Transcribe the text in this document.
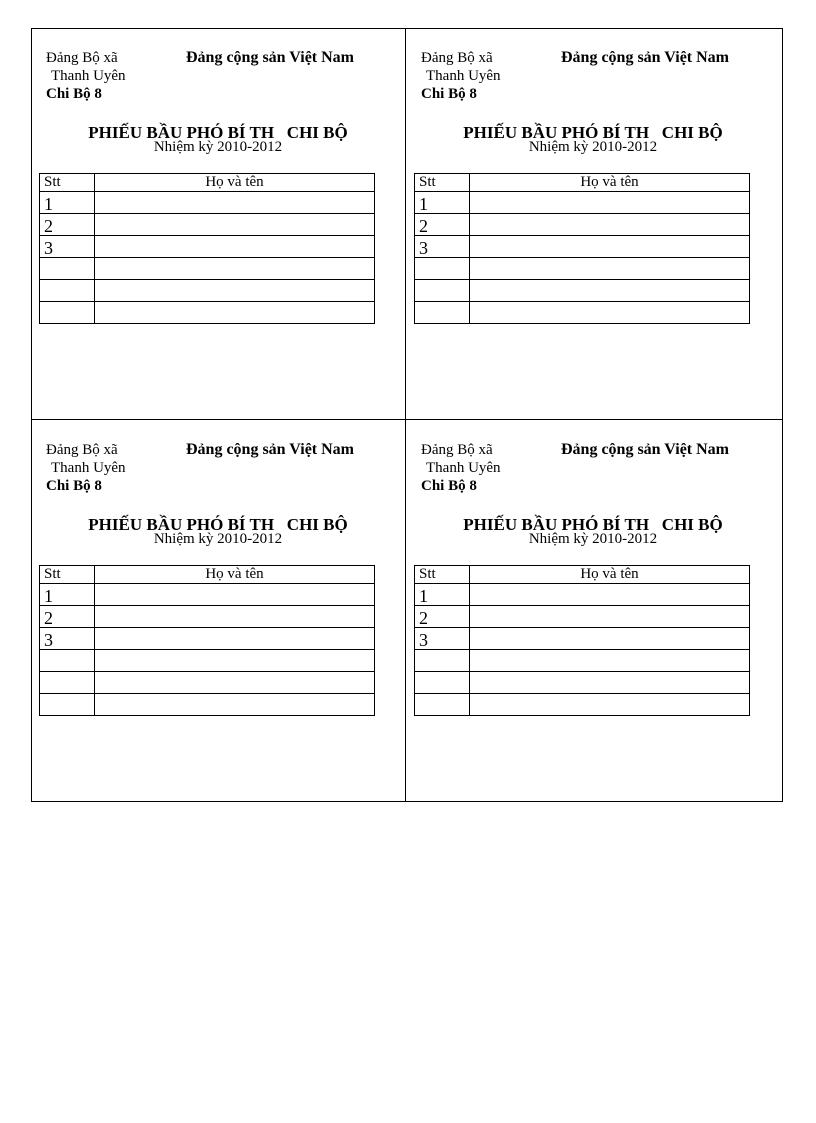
Đảng Bộ xã
Thanh Uyên
Chi Bộ 8
Đảng cộng sản Việt Nam
PHIẾU BẦU PHÓ BÍ TH   CHI BỘ
Nhiệm kỳ 2010-2012
Stt	Họ và tên
1	
2	
3	

Đảng Bộ xã
Thanh Uyên
Chi Bộ 8
Đảng cộng sản Việt Nam
PHIẾU BẦU PHÓ BÍ TH   CHI BỘ
Nhiệm kỳ 2010-2012
Stt	Họ và tên
1	
2	
3	

Đảng Bộ xã
Thanh Uyên
Chi Bộ 8
Đảng cộng sản Việt Nam
PHIẾU BẦU PHÓ BÍ TH   CHI BỘ
Nhiệm kỳ 2010-2012
Stt	Họ và tên
1	
2	
3	

Đảng Bộ xã
Thanh Uyên
Chi Bộ 8
Đảng cộng sản Việt Nam
PHIẾU BẦU PHÓ BÍ TH   CHI BỘ
Nhiệm kỳ 2010-2012
Stt	Họ và tên
1	
2	
3	
